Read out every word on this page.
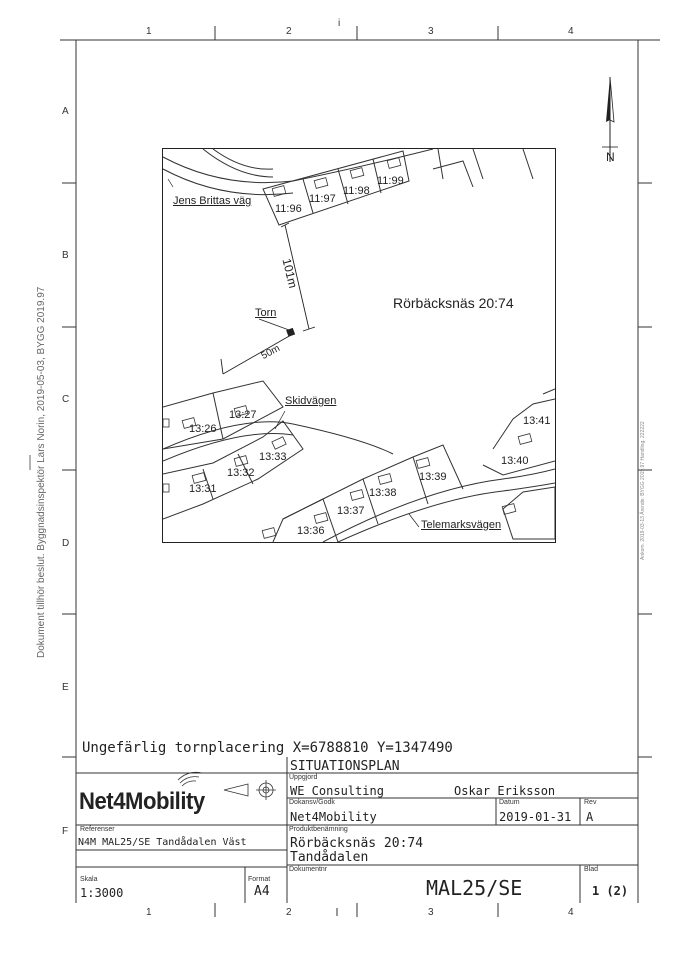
1	2	3	4
i
1	2	3	4
A
B
C
D
E
F
Dokument tillhör beslut. Byggnadsinspektör Lars Norin, 2019-05-03, BYGG 2019.97	Ankom. 2019-03-13 Ärende: BYGG 2019.97 Handling: 222222
N
Jens Brittas väg
Skidvägen
Telemarksvägen
Rörbäcksnäs 20:74
Torn
101m
50m
11:96
11:97
11:98
11:99
13:26
13:27
13:31
13:32
13:33
13:36
13:37
13:38
13:39
13:40
13:41
Ungefärlig tornplacering X=6788810 Y=1347490
SITUATIONSPLAN
Net4Mobility
Uppgjord
WE Consulting	Oskar Eriksson
Dokansv/Godk
Net4Mobility
Datum
2019-01-31
Rev
A
Referenser
N4M MAL25/SE Tandådalen Väst
Produktbenämning
Rörbäcksnäs 20:74
Tandådalen
Skala
1:3000
Format
A4
Dokumentnr
MAL25/SE
Blad
1 (2)
